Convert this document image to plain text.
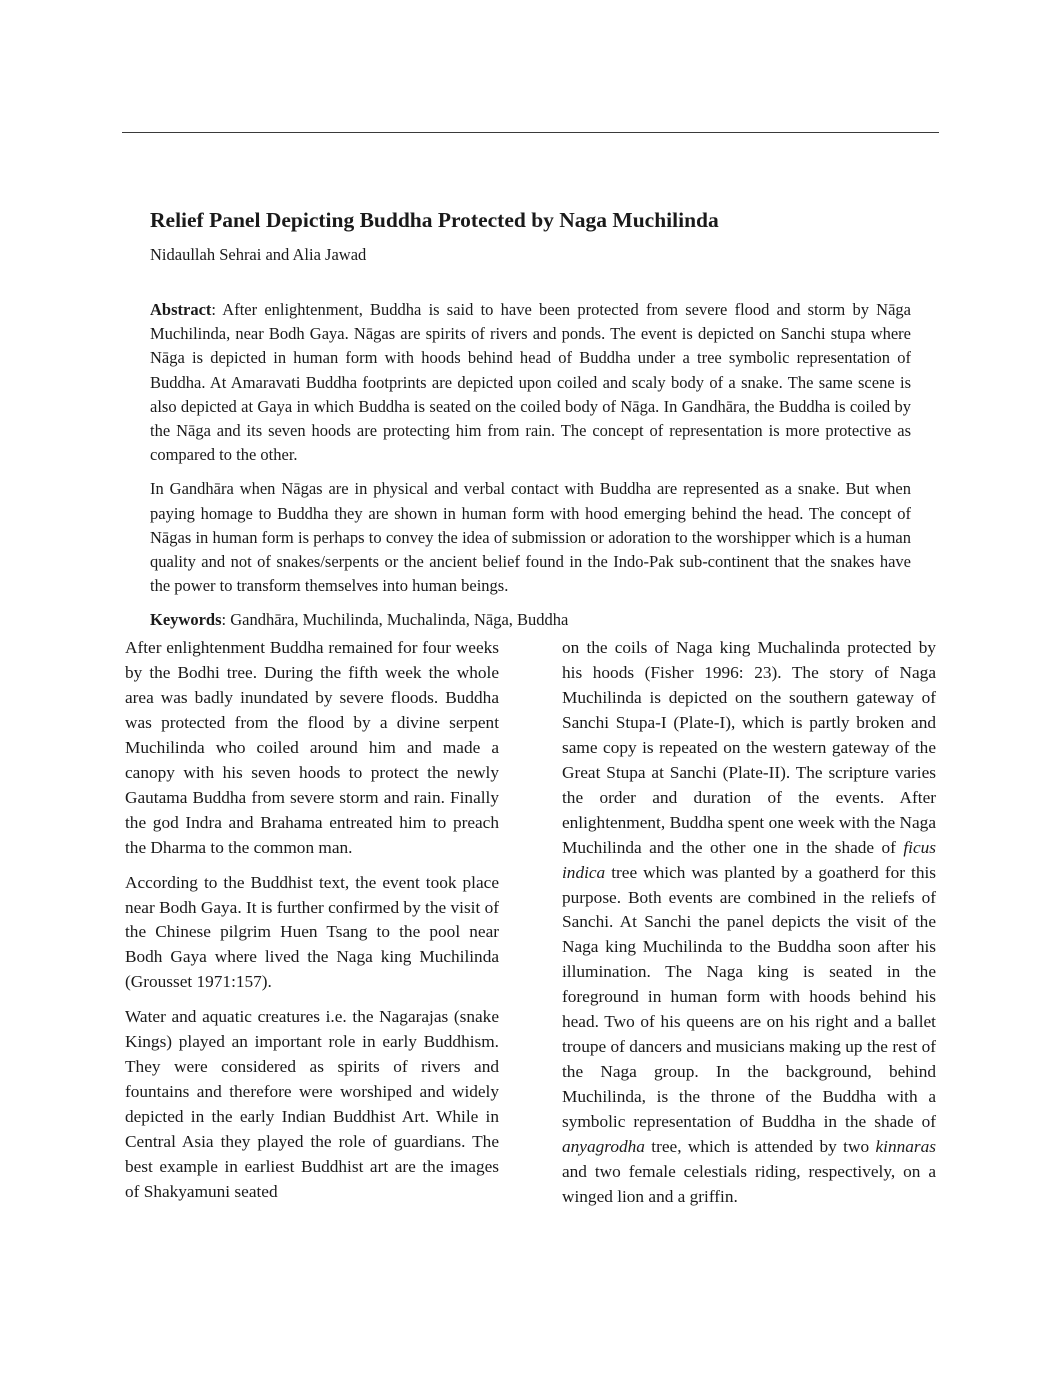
Relief Panel Depicting Buddha Protected by Naga Muchilinda

Nidaullah Sehrai and Alia Jawad

Abstract: After enlightenment, Buddha is said to have been protected from severe flood and storm by Nāga Muchilinda, near Bodh Gaya. Nāgas are spirits of rivers and ponds. The event is depicted on Sanchi stupa where Nāga is depicted in human form with hoods behind head of Buddha under a tree symbolic representation of Buddha. At Amaravati Buddha footprints are depicted upon coiled and scaly body of a snake. The same scene is also depicted at Gaya in which Buddha is seated on the coiled body of Nāga. In Gandhāra, the Buddha is coiled by the Nāga and its seven hoods are protecting him from rain. The concept of representation is more protective as compared to the other.

In Gandhāra when Nāgas are in physical and verbal contact with Buddha are represented as a snake. But when paying homage to Buddha they are shown in human form with hood emerging behind the head. The concept of Nāgas in human form is perhaps to convey the idea of submission or adoration to the worshipper which is a human quality and not of snakes/serpents or the ancient belief found in the Indo-Pak sub-continent that the snakes have the power to transform themselves into human beings.

Keywords: Gandhāra, Muchilinda, Muchalinda, Nāga, Buddha

After enlightenment Buddha remained for four weeks by the Bodhi tree. During the fifth week the whole area was badly inundated by severe floods. Buddha was protected from the flood by a divine serpent Muchilinda who coiled around him and made a canopy with his seven hoods to protect the newly Gautama Buddha from severe storm and rain. Finally the god Indra and Brahama entreated him to preach the Dharma to the common man.

According to the Buddhist text, the event took place near Bodh Gaya. It is further confirmed by the visit of the Chinese pilgrim Huen Tsang to the pool near Bodh Gaya where lived the Naga king Muchilinda (Grousset 1971:157).

Water and aquatic creatures i.e. the Nagarajas (snake Kings) played an important role in early Buddhism. They were considered as spirits of rivers and fountains and therefore were worshiped and widely depicted in the early Indian Buddhist Art. While in Central Asia they played the role of guardians. The best example in earliest Buddhist art are the images of Shakyamuni seated

on the coils of Naga king Muchalinda protected by his hoods (Fisher 1996: 23). The story of Naga Muchilinda is depicted on the southern gateway of Sanchi Stupa-I (Plate-I), which is partly broken and same copy is repeated on the western gateway of the Great Stupa at Sanchi (Plate-II). The scripture varies the order and duration of the events. After enlightenment, Buddha spent one week with the Naga Muchilinda and the other one in the shade of ficus indica tree which was planted by a goatherd for this purpose. Both events are combined in the reliefs of Sanchi. At Sanchi the panel depicts the visit of the Naga king Muchilinda to the Buddha soon after his illumination. The Naga king is seated in the foreground in human form with hoods behind his head. Two of his queens are on his right and a ballet troupe of dancers and musicians making up the rest of the Naga group. In the background, behind Muchilinda, is the throne of the Buddha with a symbolic representation of Buddha in the shade of anyagrodha tree, which is attended by two kinnaras and two female celestials riding, respectively, on a winged lion and a griffin.
